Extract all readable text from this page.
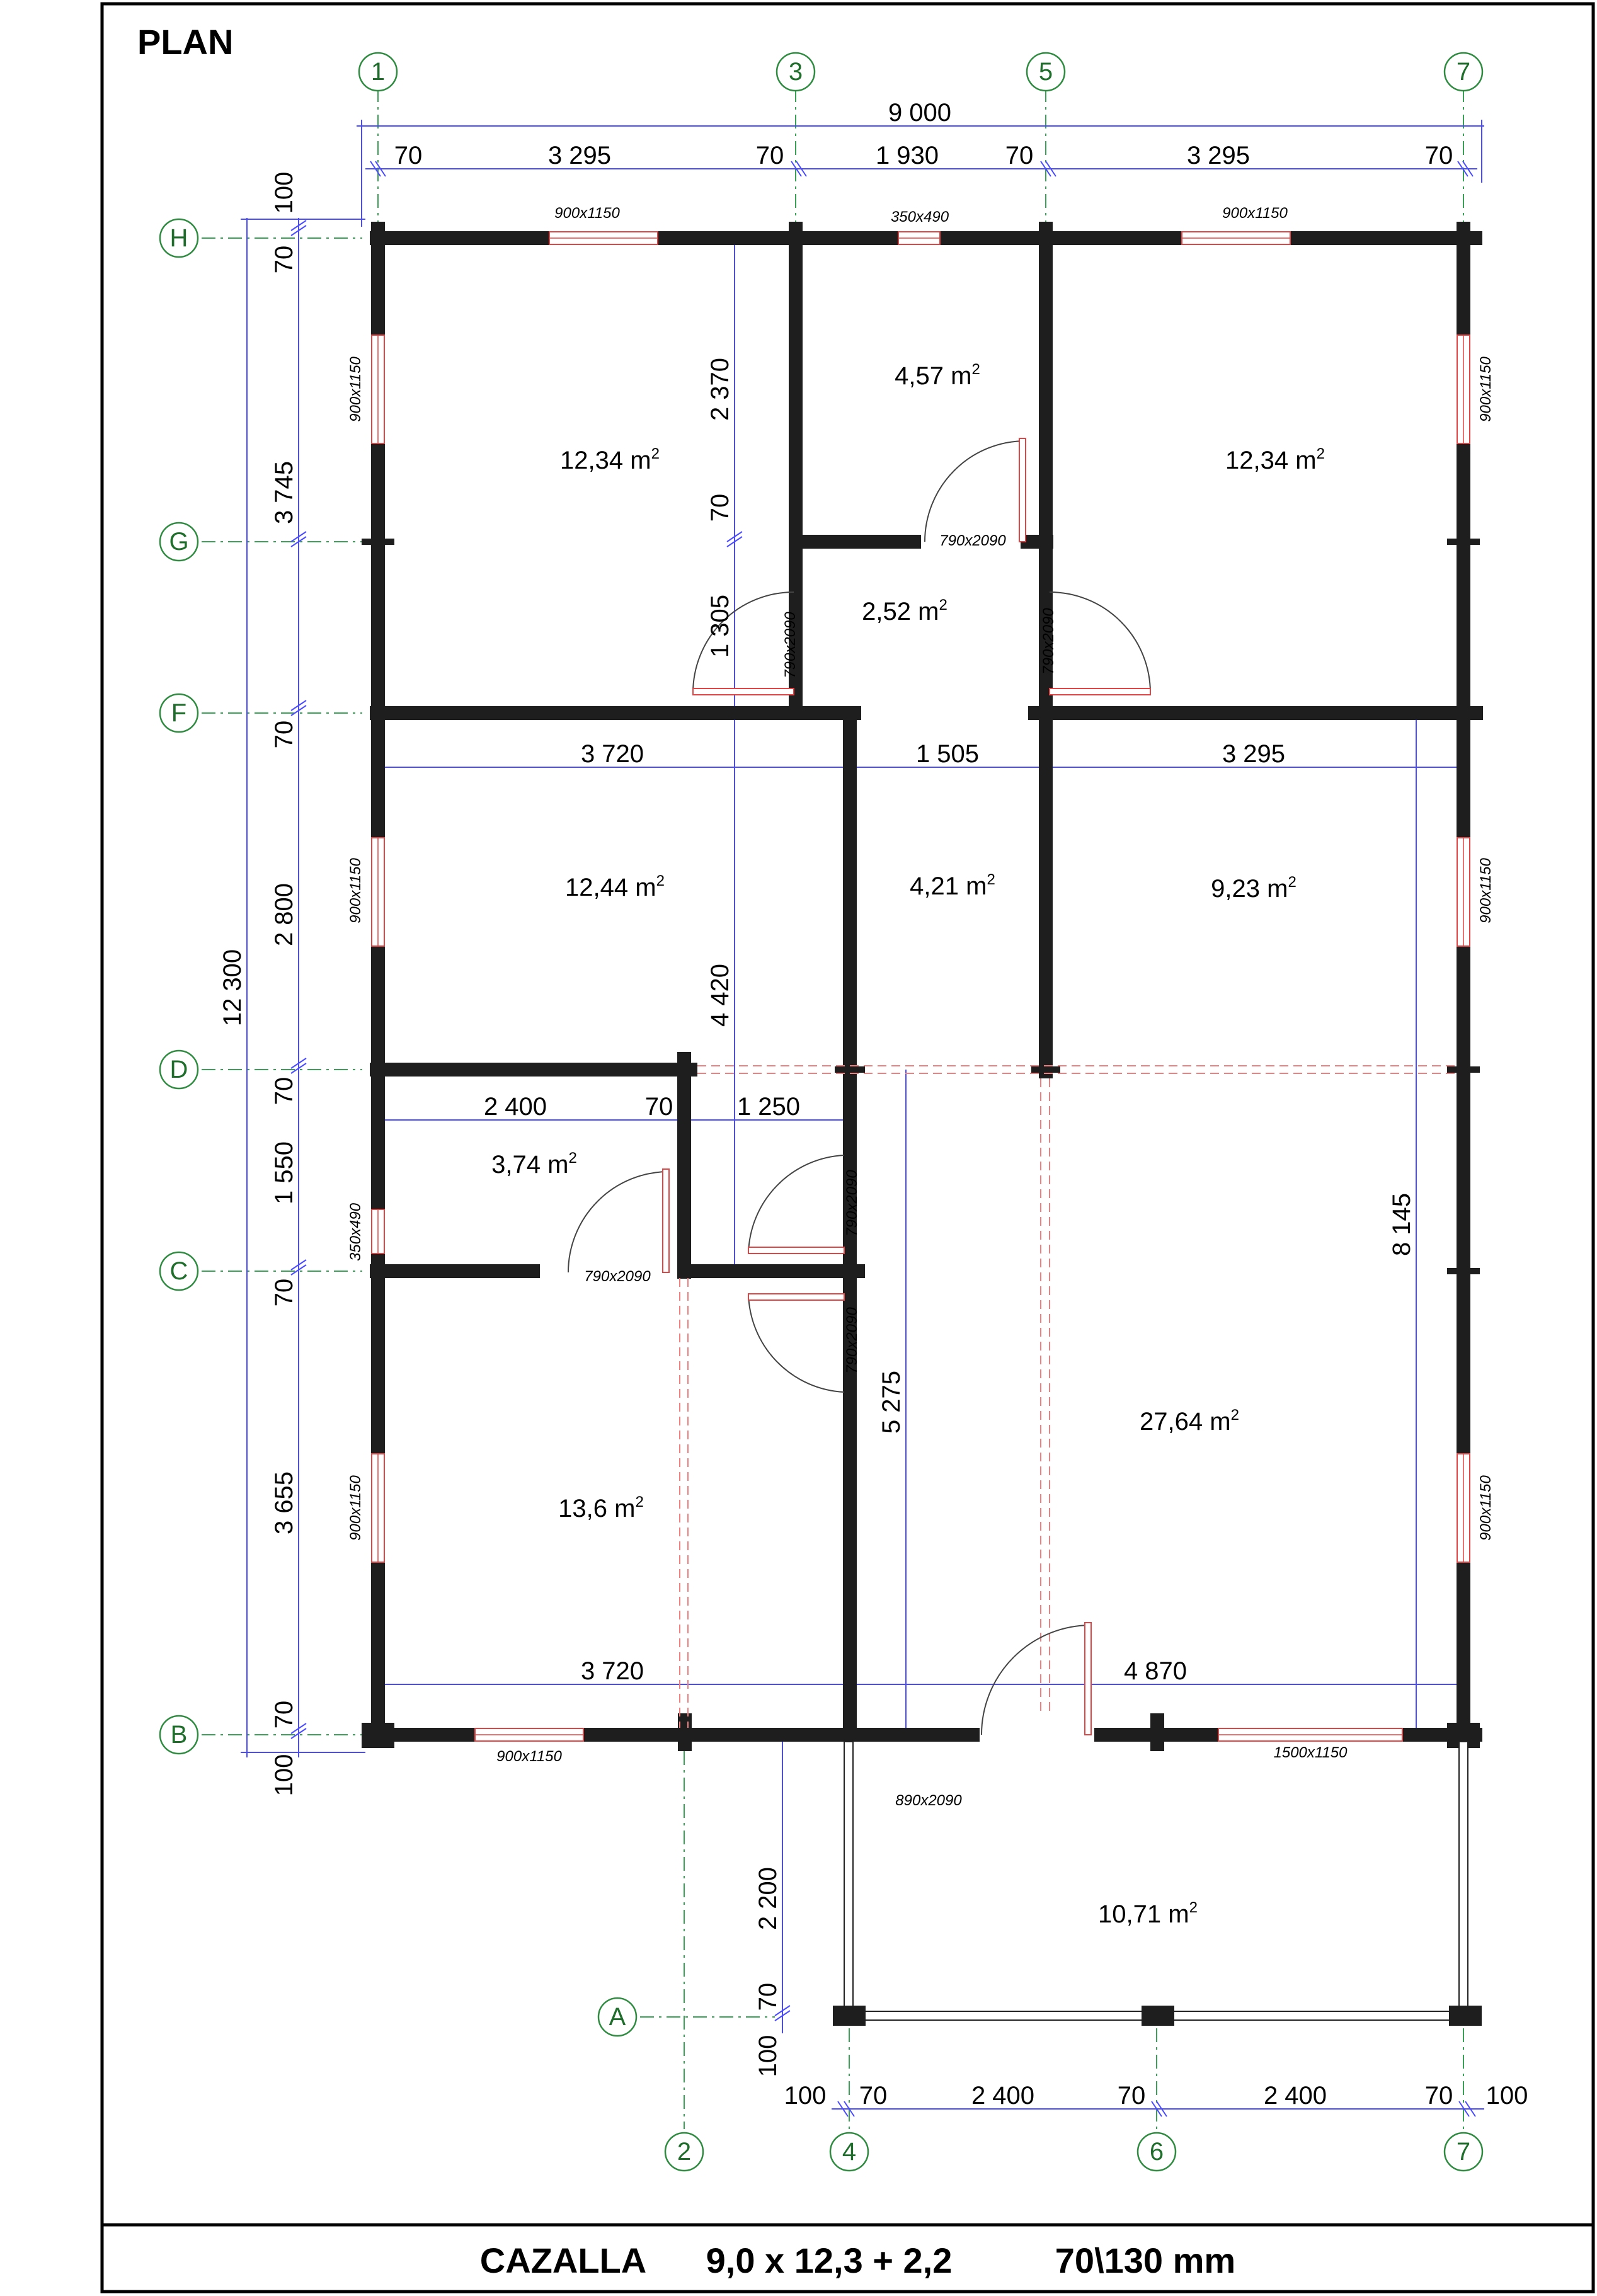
PLAN
1	3	5	7
2	4	6	7
H
G
F
D
C
B
A
9 000
70	3 295	70	1 930	70	3 295	70
12 300
100
70
3 745
70
2 800
70
1 550
70
3 655
70
100
2 370
70
1 305
4 420
5 275
8 145
3 720	1 505	3 295
2 400	70	1 250
3 720	4 870
2 200
70
100
100 70	2 400	70	2 400	70 100
12,34 $m^2$
4,57 $m^2$
12,34 $m^2$
2,52 $m^2$
12,44 $m^2$	4,21 $m^2$	9,23 $m^2$
3,74 $m^2$
13,6 $m^2$
27,64 $m^2$
10,71 $m^2$
900x1150	350x490	900x1150
900x1150	900x1150
900x1150	900x1150
350x490
900x1150	900x1150
900x1150	1500x1150
790x2090
790x2090	790x2090
790x2090
790x2090
790x2090
890x2090
CAZALLA 9,0 x 12,3 + 2,2	70\130 mm
